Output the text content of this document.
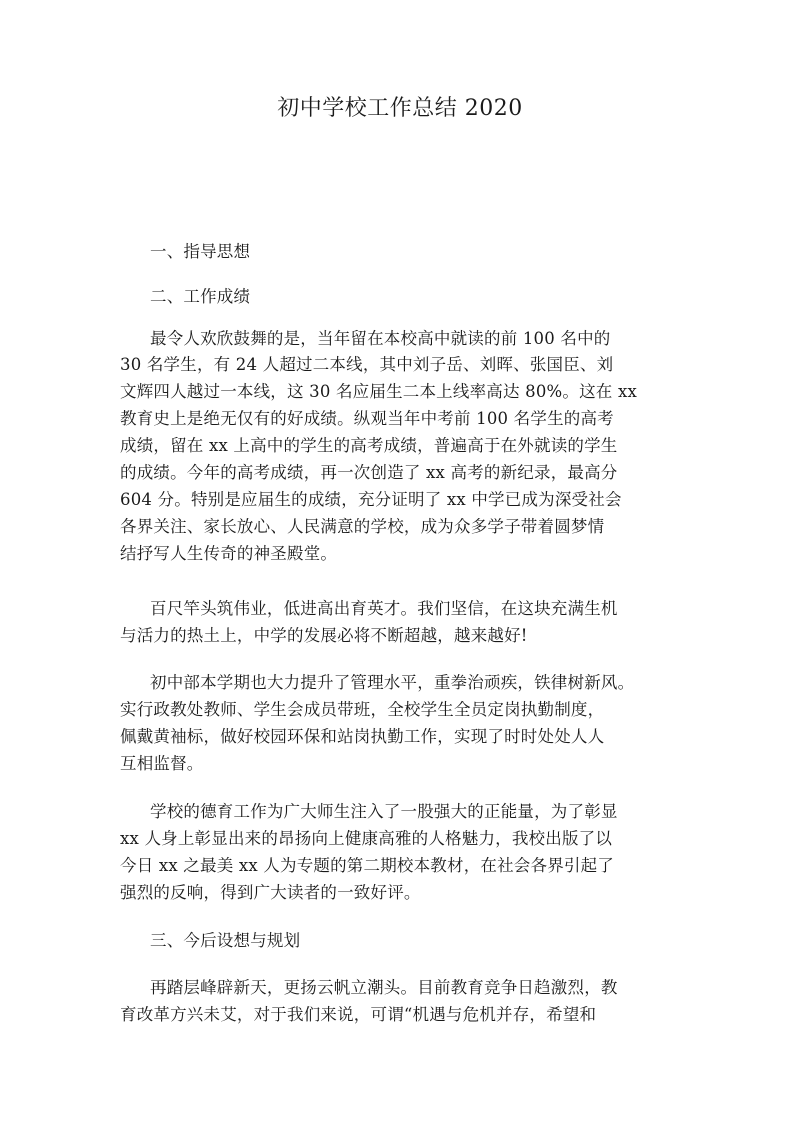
初中学校工作总结 2020
一、指导思想
二、工作成绩
最令人欢欣鼓舞的是，当年留在本校高中就读的前 100 名中的
30 名学生，有 24 人超过二本线，其中刘子岳、刘晖、张国臣、刘
文辉四人越过一本线，这 30 名应届生二本上线率高达 80%。这在 xx
教育史上是绝无仅有的好成绩。纵观当年中考前 100 名学生的高考
成绩，留在 xx 上高中的学生的高考成绩，普遍高于在外就读的学生
的成绩。今年的高考成绩，再一次创造了 xx 高考的新纪录，最高分
604 分。特别是应届生的成绩，充分证明了 xx 中学已成为深受社会
各界关注、家长放心、人民满意的学校，成为众多学子带着圆梦情
结抒写人生传奇的神圣殿堂。
百尺竿头筑伟业，低进高出育英才。我们坚信，在这块充满生机
与活力的热土上，中学的发展必将不断超越，越来越好!
初中部本学期也大力提升了管理水平，重拳治顽疾，铁律树新风。
实行政教处教师、学生会成员带班，全校学生全员定岗执勤制度，
佩戴黄袖标，做好校园环保和站岗执勤工作，实现了时时处处人人
互相监督。
学校的德育工作为广大师生注入了一股强大的正能量，为了彰显
xx 人身上彰显出来的昂扬向上健康高雅的人格魅力，我校出版了以
今日 xx 之最美 xx 人为专题的第二期校本教材，在社会各界引起了
强烈的反响，得到广大读者的一致好评。
三、今后设想与规划
再踏层峰辟新天，更扬云帆立潮头。目前教育竞争日趋激烈，教
育改革方兴未艾，对于我们来说，可谓“机遇与危机并存，希望和
